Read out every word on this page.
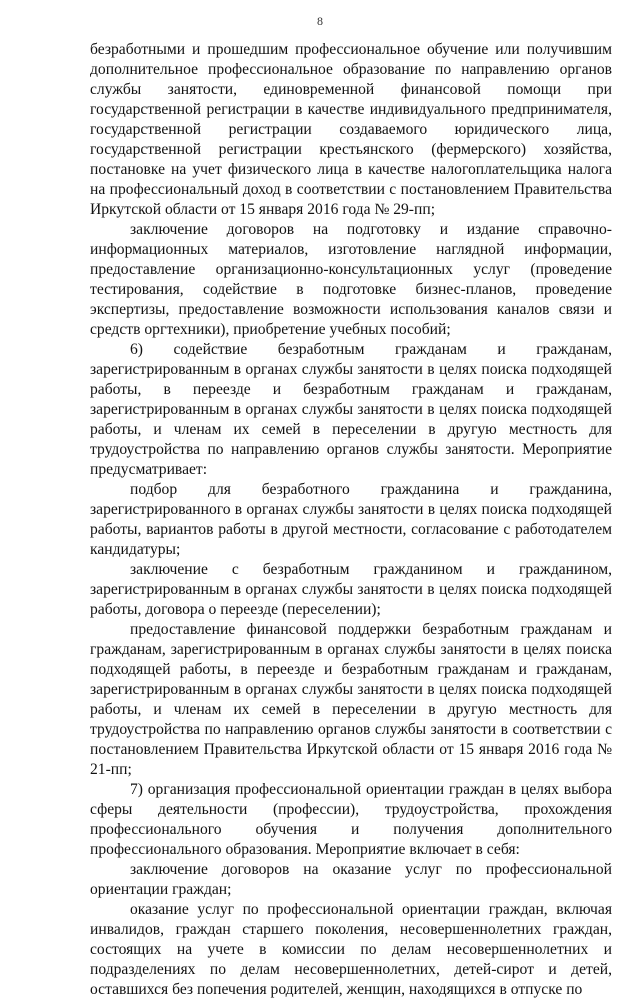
8

безработными и прошедшим профессиональное обучение или получившим дополнительное профессиональное образование по направлению органов службы занятости, единовременной финансовой помощи при государственной регистрации в качестве индивидуального предпринимателя, государственной регистрации создаваемого юридического лица, государственной регистрации крестьянского (фермерского) хозяйства, постановке на учет физического лица в качестве налогоплательщика налога на профессиональный доход в соответствии с постановлением Правительства Иркутской области от 15 января 2016 года № 29-пп;

заключение договоров на подготовку и издание справочно-информационных материалов, изготовление наглядной информации, предоставление организационно-консультационных услуг (проведение тестирования, содействие в подготовке бизнес-планов, проведение экспертизы, предоставление возможности использования каналов связи и средств оргтехники), приобретение учебных пособий;

6) содействие безработным гражданам и гражданам, зарегистрированным в органах службы занятости в целях поиска подходящей работы, в переезде и безработным гражданам и гражданам, зарегистрированным в органах службы занятости в целях поиска подходящей работы, и членам их семей в переселении в другую местность для трудоустройства по направлению органов службы занятости. Мероприятие предусматривает:

подбор для безработного гражданина и гражданина, зарегистрированного в органах службы занятости в целях поиска подходящей работы, вариантов работы в другой местности, согласование с работодателем кандидатуры;

заключение с безработным гражданином и гражданином, зарегистрированным в органах службы занятости в целях поиска подходящей работы, договора о переезде (переселении);

предоставление финансовой поддержки безработным гражданам и гражданам, зарегистрированным в органах службы занятости в целях поиска подходящей работы, в переезде и безработным гражданам и гражданам, зарегистрированным в органах службы занятости в целях поиска подходящей работы, и членам их семей в переселении в другую местность для трудоустройства по направлению органов службы занятости в соответствии с постановлением Правительства Иркутской области от 15 января 2016 года № 21-пп;

7) организация профессиональной ориентации граждан в целях выбора сферы деятельности (профессии), трудоустройства, прохождения профессионального обучения и получения дополнительного профессионального образования. Мероприятие включает в себя:

заключение договоров на оказание услуг по профессиональной ориентации граждан;

оказание услуг по профессиональной ориентации граждан, включая инвалидов, граждан старшего поколения, несовершеннолетних граждан, состоящих на учете в комиссии по делам несовершеннолетних и подразделениях по делам несовершеннолетних, детей-сирот и детей, оставшихся без попечения родителей, женщин, находящихся в отпуске по
